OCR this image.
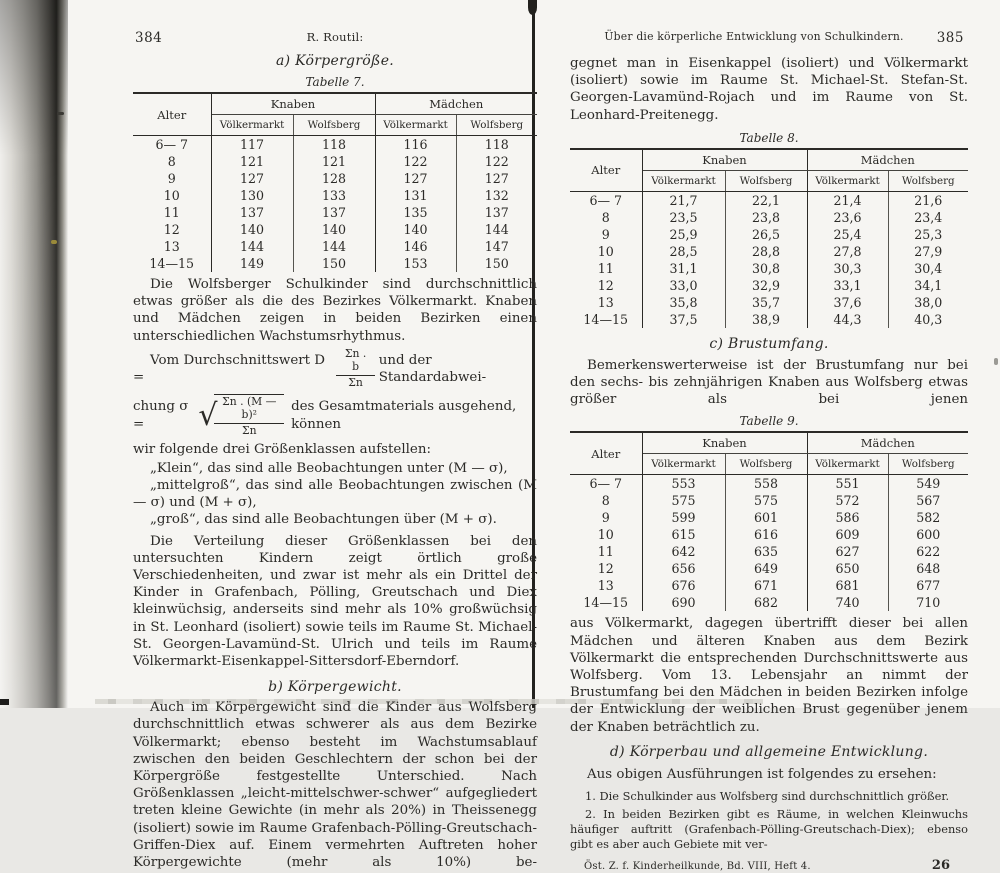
384	R. Routil:
a) Körpergröße.
Tabelle 7.
Alter	Knaben		Mädchen	
	Völkermarkt	Wolfsberg	Völkermarkt	Wolfsberg
6— 7	117	118	116	118
8	121	121	122	122
9	127	128	127	127
10	130	133	131	132
11	137	137	135	137
12	140	140	140	144
13	144	144	146	147
14—15	149	150	153	150

Die Wolfsberger Schulkinder sind durchschnittlich etwas größer als die des Bezirkes Völkermarkt. Knaben und Mädchen zeigen in beiden Bezirken einen unterschiedlichen Wachstumsrhythmus.

Vom Durchschnittswert D =	$\frac{\Sigma n . b}{\Sigma n}$ und der Standardabwei-
chung σ =	√
$\frac{\text{Σn . (M — b)²}}{\Sigma n}$ des Gesamtmaterials ausgehend, können

wir folgende drei Größenklassen aufstellen:

„Klein“, das sind alle Beobachtungen unter (M — σ),

„mittelgroß“, das sind alle Beobachtungen zwischen (M — σ) und (M + σ),

„groß“, das sind alle Beobachtungen über (M + σ).

Die Verteilung dieser Größenklassen bei den untersuchten Kindern zeigt örtlich große Verschiedenheiten, und zwar ist mehr als ein Drittel der Kinder in Grafenbach, Pölling, Greutschach und Diex kleinwüchsig, anderseits sind mehr als 10% großwüchsig in St. Leonhard (isoliert) sowie teils im Raume St. Michael-St. Georgen-Lavamünd-St. Ulrich und teils im Raume Völkermarkt-Eisenkappel-Sittersdorf-Eberndorf.

b) Körpergewicht.

Auch im Körpergewicht sind die Kinder aus Wolfsberg durchschnittlich etwas schwerer als aus dem Bezirke Völkermarkt; ebenso besteht im Wachstumsablauf zwischen den beiden Geschlechtern der schon bei der Körpergröße festgestellte Unterschied. Nach Größenklassen „leicht-mittelschwer-schwer“ aufgegliedert treten kleine Gewichte (in mehr als 20%) in Theissenegg (isoliert) sowie im Raume Grafenbach-Pölling-Greutschach-Griffen-Diex auf. Einem vermehrten Auftreten hoher Körpergewichte (mehr als 10%) be-

Über die körperliche Entwicklung von Schulkindern.	385

gegnet man in Eisenkappel (isoliert) und Völkermarkt (isoliert) sowie im Raume St. Michael-St. Stefan-St. Georgen-Lavamünd-Rojach und im Raume von St. Leonhard-Preitenegg.

Tabelle 8.
Alter	Knaben		Mädchen	
	Völkermarkt	Wolfsberg	Völkermarkt	Wolfsberg
6— 7	21,7	22,1	21,4	21,6
8	23,5	23,8	23,6	23,4
9	25,9	26,5	25,4	25,3
10	28,5	28,8	27,8	27,9
11	31,1	30,8	30,3	30,4
12	33,0	32,9	33,1	34,1
13	35,8	35,7	37,6	38,0
14—15	37,5	38,9	44,3	40,3
c) Brustumfang.

Bemerkenswerterweise ist der Brustumfang nur bei den sechs- bis zehnjährigen Knaben aus Wolfsberg etwas größer als bei jenen

Tabelle 9.
Alter	Knaben		Mädchen	
	Völkermarkt	Wolfsberg	Völkermarkt	Wolfsberg
6— 7	553	558	551	549
8	575	575	572	567
9	599	601	586	582
10	615	616	609	600
11	642	635	627	622
12	656	649	650	648
13	676	671	681	677
14—15	690	682	740	710

aus Völkermarkt, dagegen übertrifft dieser bei allen Mädchen und älteren Knaben aus dem Bezirk Völkermarkt die entsprechenden Durchschnittswerte aus Wolfsberg. Vom 13. Lebensjahr an nimmt der Brustumfang bei den Mädchen in beiden Bezirken infolge der Entwicklung der weiblichen Brust gegenüber jenem der Knaben beträchtlich zu.

d) Körperbau und allgemeine Entwicklung.

Aus obigen Ausführungen ist folgendes zu ersehen:

1. Die Schulkinder aus Wolfsberg sind durchschnittlich größer.

2. In beiden Bezirken gibt es Räume, in welchen Kleinwuchs häufiger auftritt (Grafenbach-Pölling-Greutschach-Diex); ebenso gibt es aber auch Gebiete mit ver-

Öst. Z. f. Kinderheilkunde, Bd. VIII, Heft 4.	26
